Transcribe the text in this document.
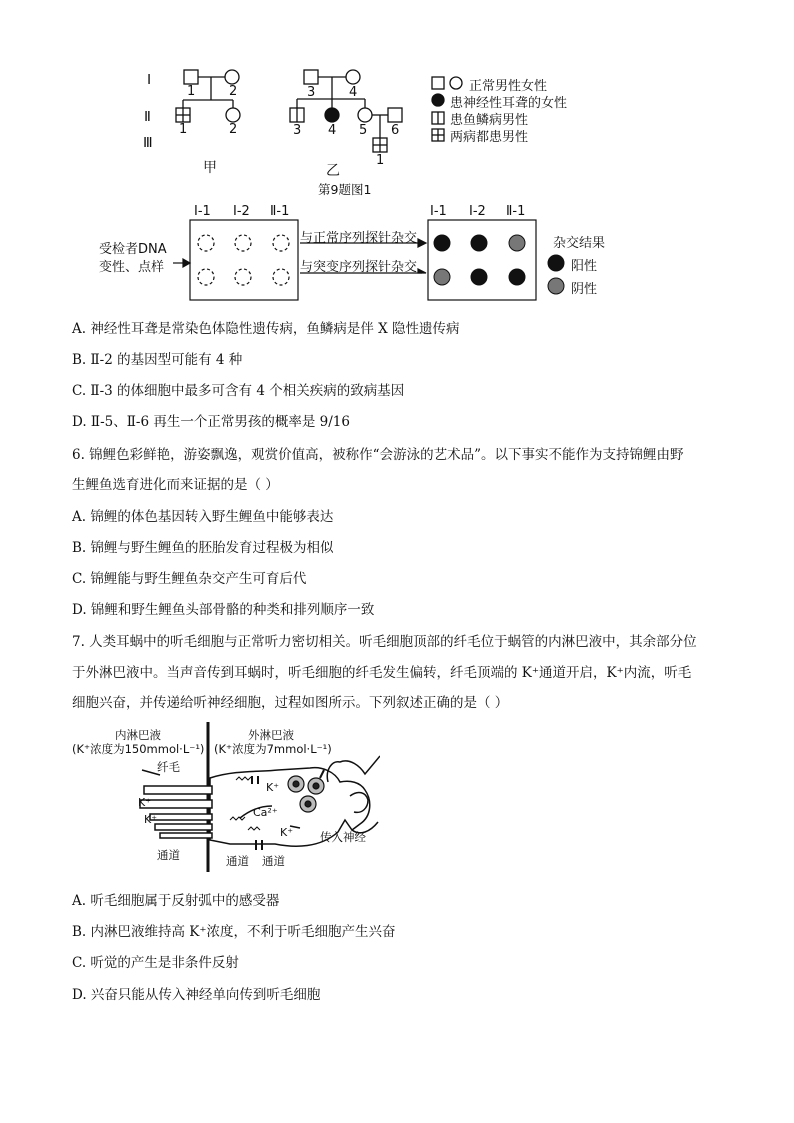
Ⅰ
Ⅱ
Ⅲ
1	2
1	2
甲
3	4
3 4 5 6
1
乙
正常男性女性
患神经性耳聋的女性
患鱼鳞病男性
两病都患男性
第9题图1
Ⅰ-1 Ⅰ-2 Ⅱ-1	Ⅰ-1 Ⅰ-2 Ⅱ-1
受检者DNA
变性、点样
与正常序列探针杂交
与突变序列探针杂交
杂交结果
阳性
阴性
A. 神经性耳聋是常染色体隐性遗传病，鱼鳞病是伴 X 隐性遗传病
B. Ⅱ-2 的基因型可能有 4 种
C. Ⅱ-3 的体细胞中最多可含有 4 个相关疾病的致病基因
D. Ⅱ-5、Ⅱ-6 再生一个正常男孩的概率是 9/16
6. 锦鲤色彩鲜艳，游姿飘逸，观赏价值高，被称作“会游泳的艺术品”。以下事实不能作为支持锦鲤由野
生鲤鱼选育进化而来证据的是（ ）
A. 锦鲤的体色基因转入野生鲤鱼中能够表达
B. 锦鲤与野生鲤鱼的胚胎发育过程极为相似
C. 锦鲤能与野生鲤鱼杂交产生可育后代
D. 锦鲤和野生鲤鱼头部骨骼的种类和排列顺序一致
7. 人类耳蜗中的听毛细胞与正常听力密切相关。听毛细胞顶部的纤毛位于蜗管的内淋巴液中，其余部分位
于外淋巴液中。当声音传到耳蜗时，听毛细胞的纤毛发生偏转，纤毛顶端的 K⁺通道开启，K⁺内流，听毛
细胞兴奋，并传递给听神经细胞，过程如图所示。下列叙述正确的是（ ）
内淋巴液
(K⁺浓度为150mmol·L⁻¹)
外淋巴液
(K⁺浓度为7mmol·L⁻¹)
纤毛
K⁺
K⁺
K⁺
K⁺
Ca²⁺
通道	通道 通道
传入神经
A. 听毛细胞属于反射弧中的感受器
B. 内淋巴液维持高 K⁺浓度，不利于听毛细胞产生兴奋
C. 听觉的产生是非条件反射
D. 兴奋只能从传入神经单向传到听毛细胞
